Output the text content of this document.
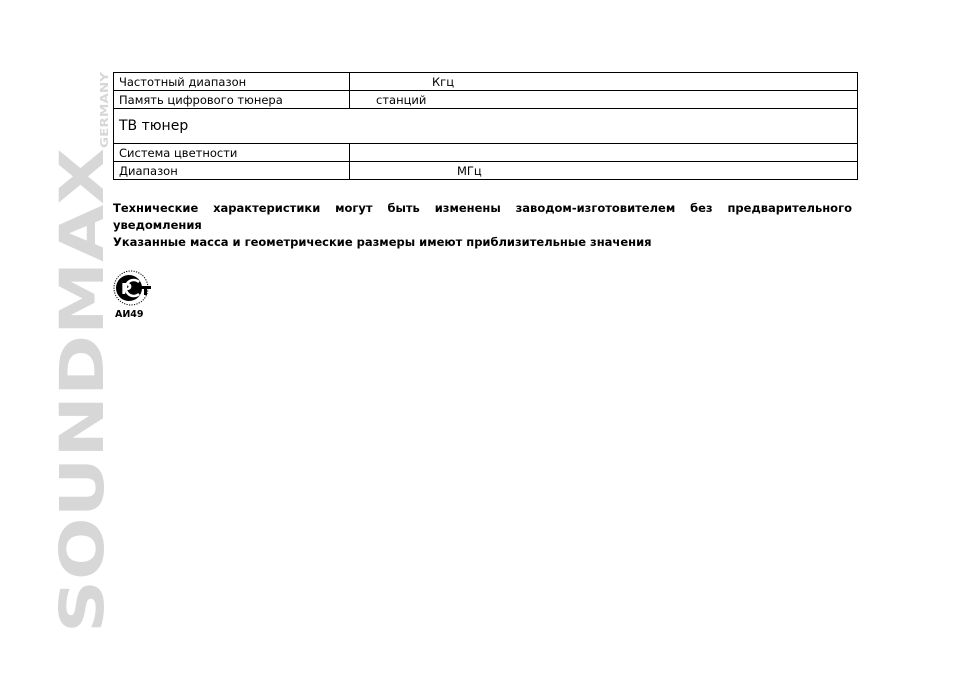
SOUNDMAX
GERMANY
Частотный диапазон	Кгц
Память цифрового тюнера	станций
ТВ тюнер	
Система цветности	
Диапазон	МГц

Технические характеристики могут быть изменены заводом-изготовителем без предварительного уведомления

Указанные масса и геометрические размеры имеют приблизительные значения

Р
АИ49
